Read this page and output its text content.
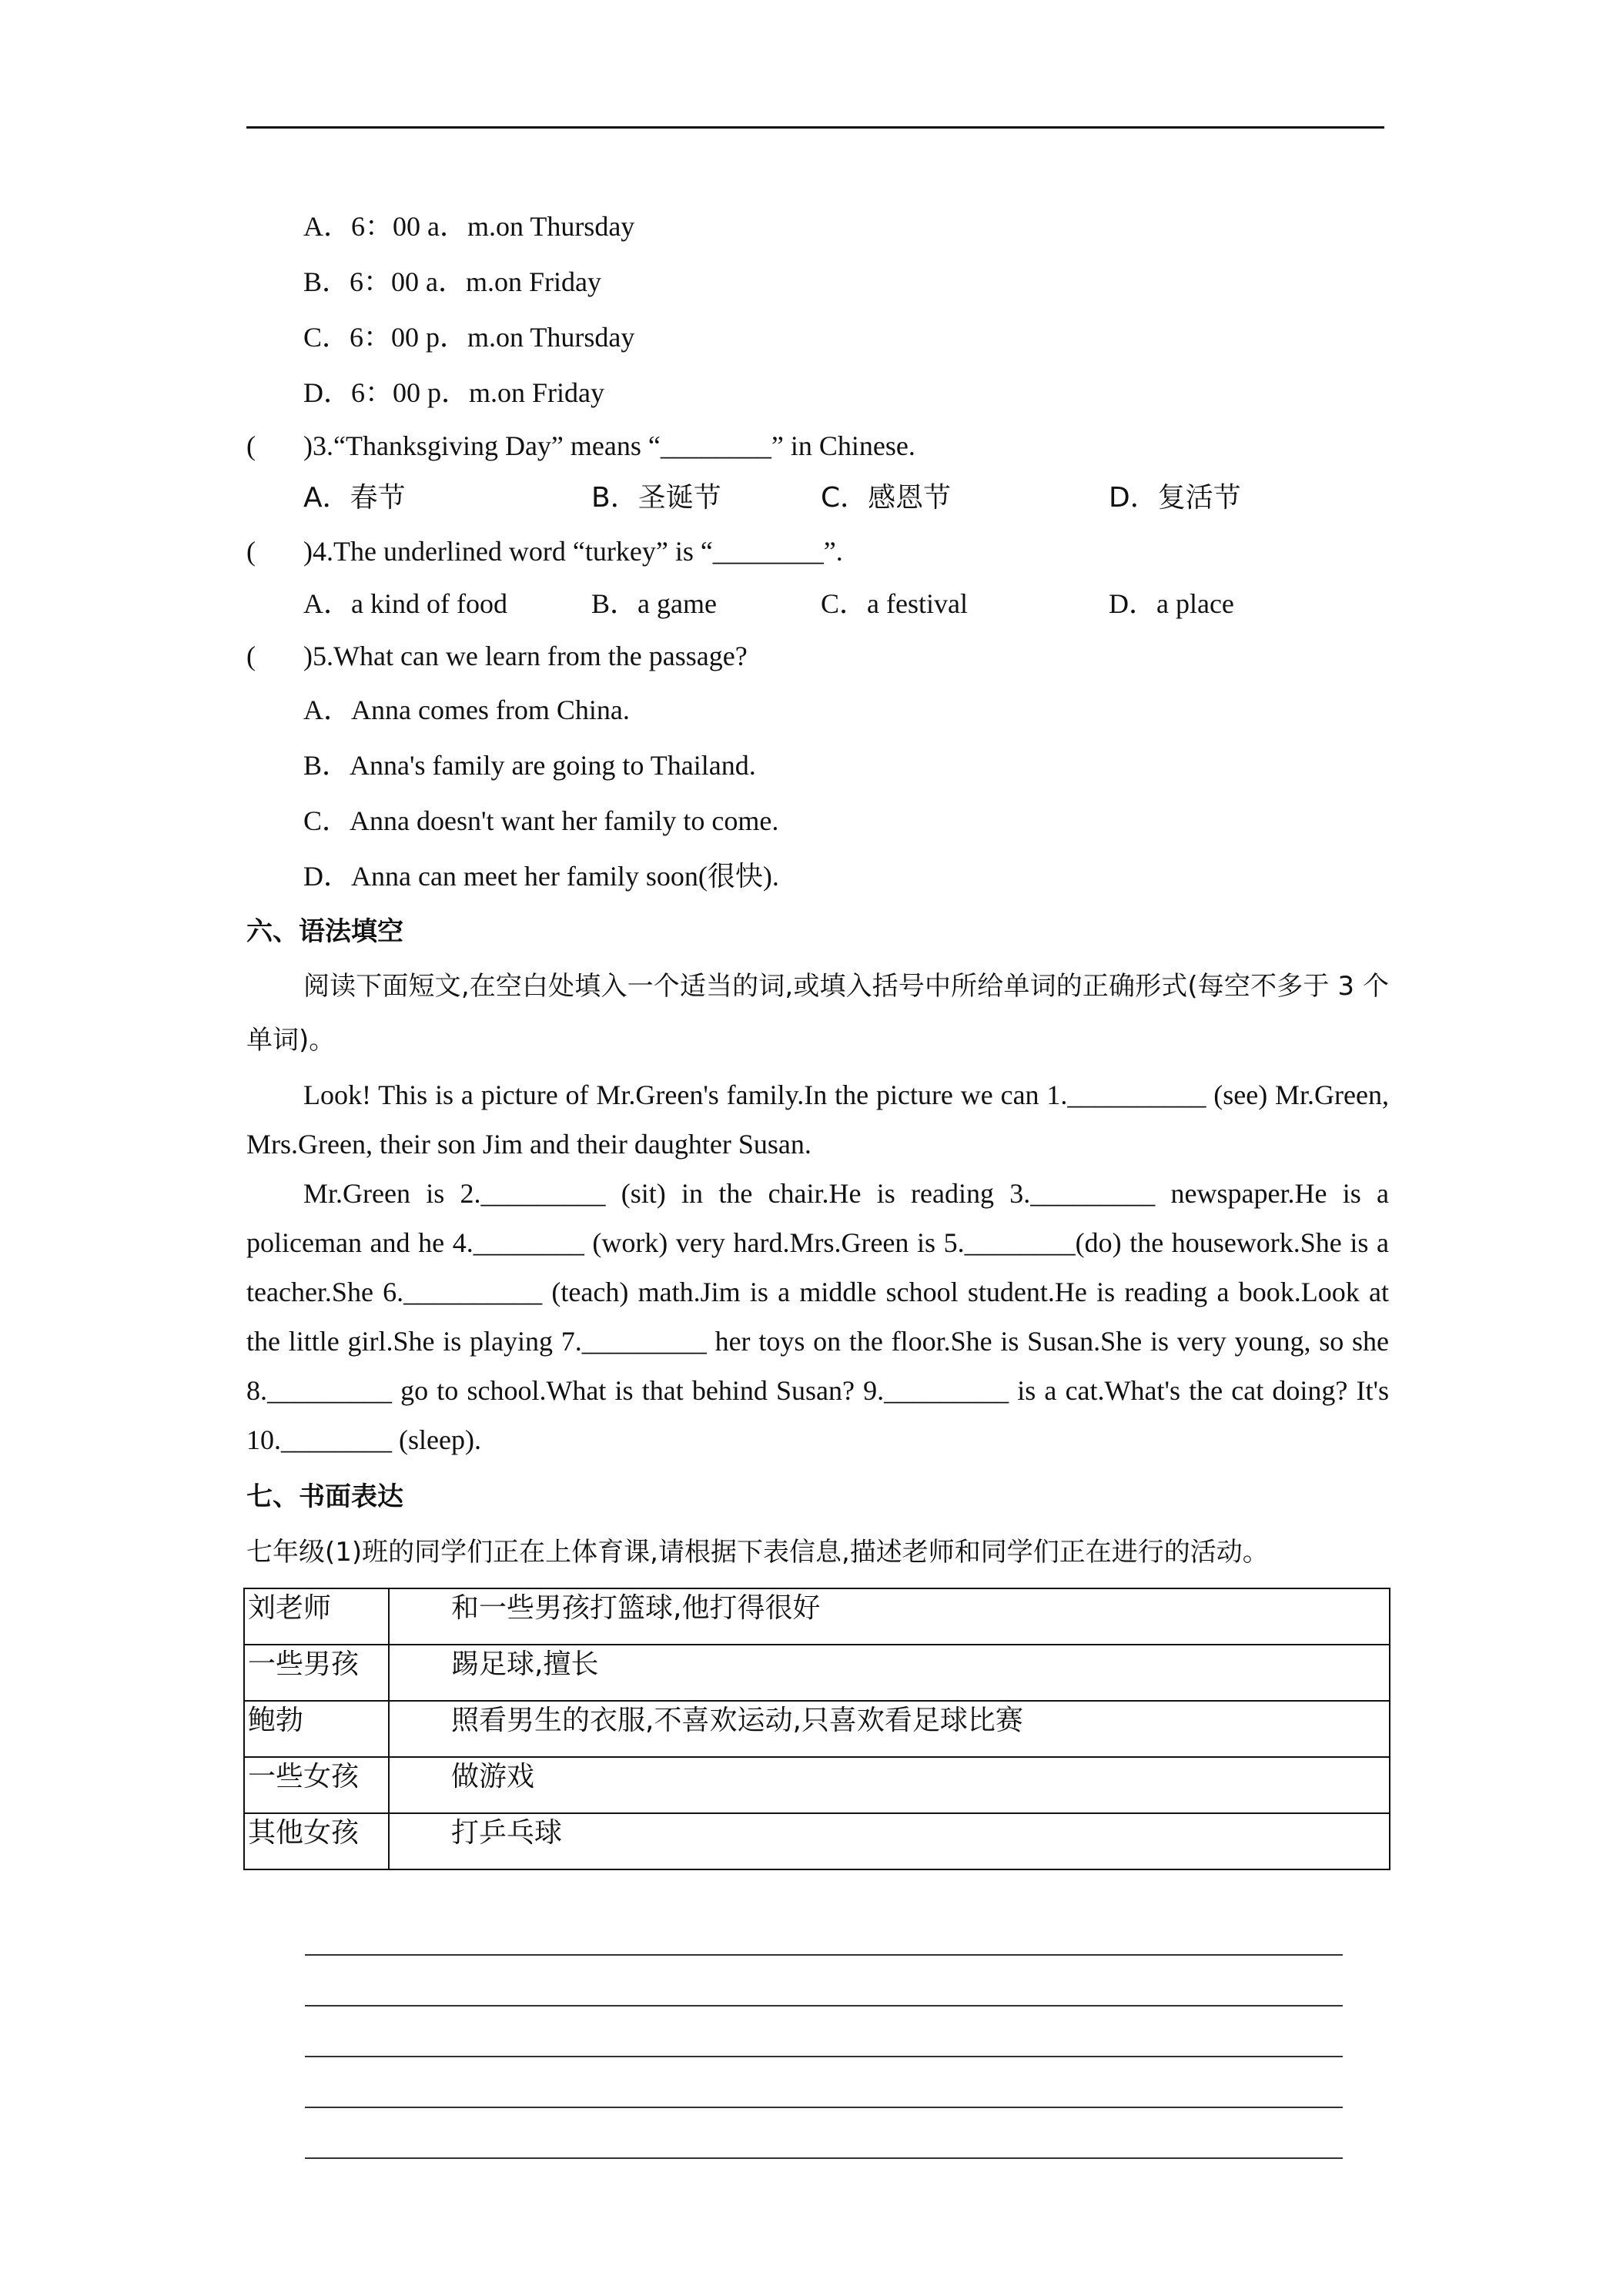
A．6：00 a．m.on Thursday
B．6：00 a．m.on Friday
C．6：00 p．m.on Thursday
D．6：00 p．m.on Friday
(	)3.“Thanksgiving Day” means “________” in Chinese.
A．春节	B．圣诞节	C．感恩节	D．复活节
(	)4.The underlined word “turkey” is “________”.
A．a kind of food	B．a game	C．a festival	D．a place
(	)5.What can we learn from the passage?
A．Anna comes from China.
B．Anna's family are going to Thailand.
C．Anna doesn't want her family to come.
D．Anna can meet her family soon(很快).
六、语法填空
阅读下面短文,在空白处填入一个适当的词,或填入括号中所给单词的正确形式(每空不多于 3 个单词)。
Look! This is a picture of Mr.Green's family.In the picture we can 1.__________ (see) Mr.Green, Mrs.Green, their son Jim and their daughter Susan.
Mr.Green is 2._________ (sit) in the chair.He is reading 3._________ newspaper.He is a policeman and he 4.________ (work) very hard.Mrs.Green is 5.________(do) the housework.She is a teacher.She 6.__________ (teach) math.Jim is a middle school student.He is reading a book.Look at the little girl.She is playing 7._________ her toys on the floor.She is Susan.She is very young, so she 8._________ go to school.What is that behind Susan? 9._________ is a cat.What's the cat doing? It's 10.________ (sleep).
七、书面表达
七年级(1)班的同学们正在上体育课,请根据下表信息,描述老师和同学们正在进行的活动。
刘老师	和一些男孩打篮球,他打得很好
一些男孩	踢足球,擅长
鲍勃	照看男生的衣服,不喜欢运动,只喜欢看足球比赛
一些女孩	做游戏
其他女孩	打乒乓球
